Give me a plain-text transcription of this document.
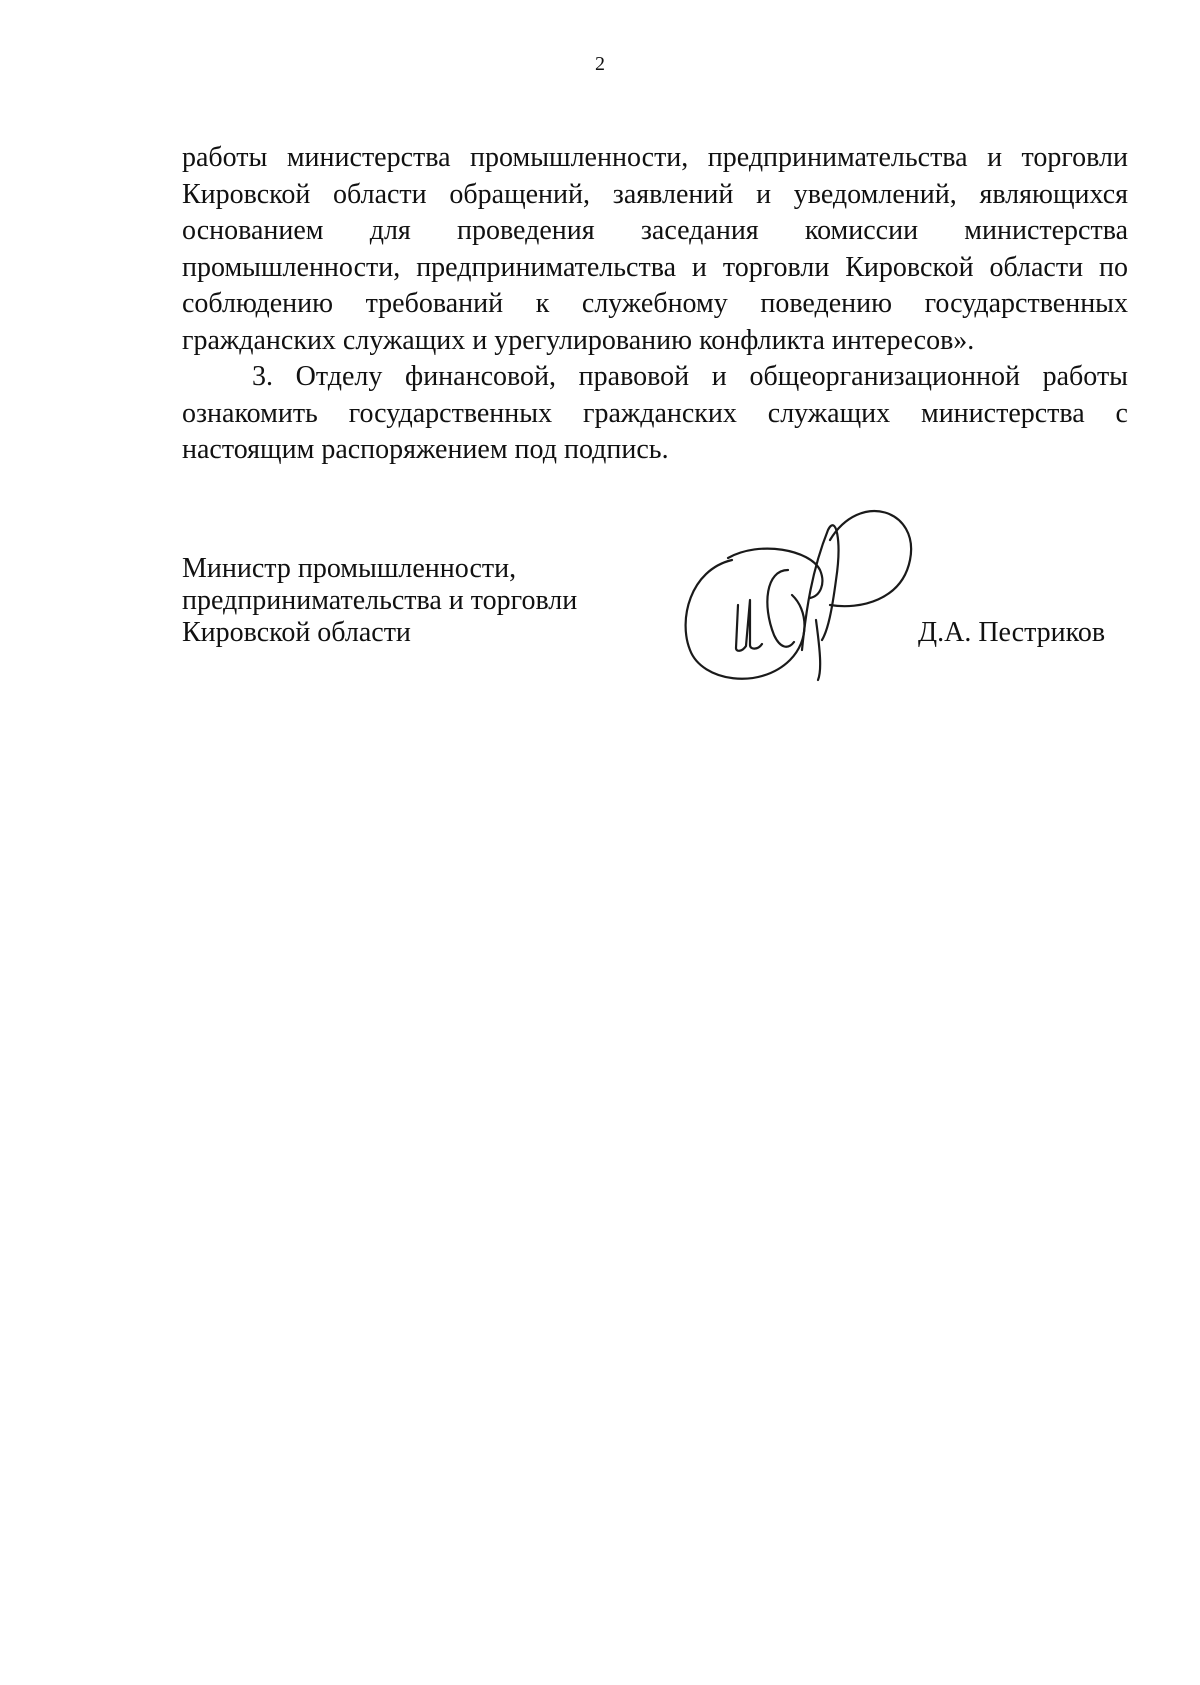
2

работы министерства промышленности, предпринимательства и торговли Кировской области обращений, заявлений и уведомлений, являющихся основанием для проведения заседания комиссии министерства промышленности, предпринимательства и торговли Кировской области по соблюдению требований к служебному поведению государственных гражданских служащих и урегулированию конфликта интересов».

3. Отделу финансовой, правовой и общеорганизационной работы ознакомить государственных гражданских служащих министерства с настоящим распоряжением под подпись.

Министр промышленности,
предпринимательства и торговли
Кировской области	Д.А. Пестриков
